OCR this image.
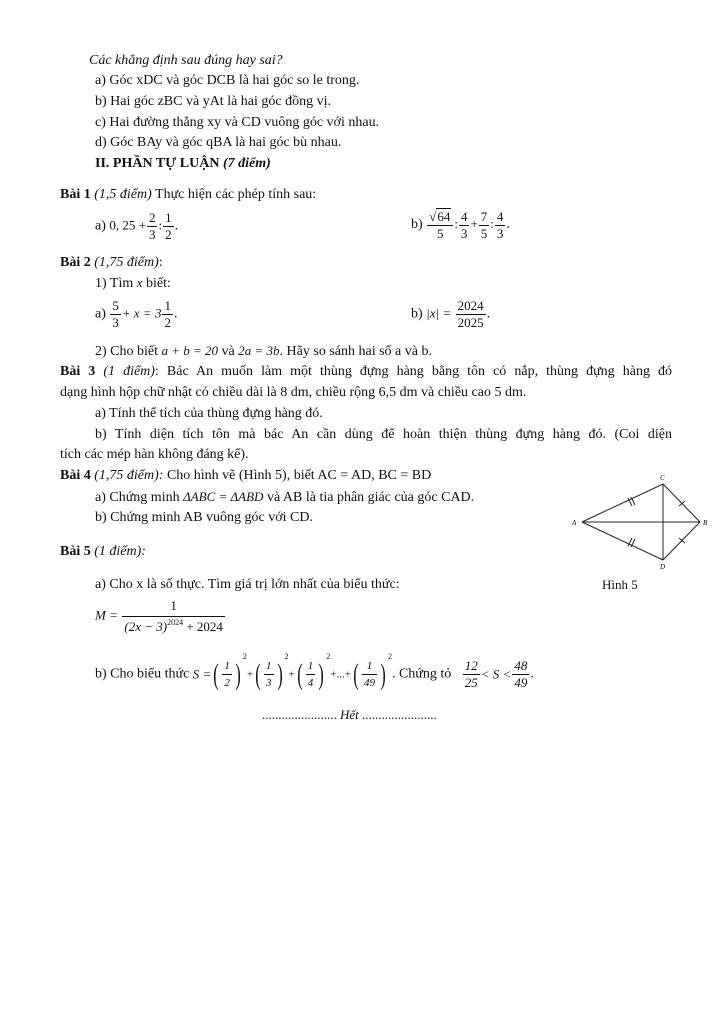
Các khẳng định sau đúng hay sai?
a) Góc xDC và góc DCB là hai góc so le trong.
b) Hai góc zBC và yAt là hai góc đồng vị.
c) Hai đường thẳng xy và CD vuông góc với nhau.
d) Góc BAy và góc qBA là hai góc bù nhau.
II. PHẦN TỰ LUẬN (7 điểm)
Bài 1 (1,5 điểm) Thực hiện các phép tính sau:
a) 0, $25 + \frac{2}{3}$ : $\frac{1}{2}$ .	$b) \frac{√64}{5}$ : $\frac{4}{3} + \frac{7}{5}$ : $\frac{4}{3}$ .
Bài 2 (1,75 điểm):
1) Tìm x biết:
$a) \frac{5}{3} + x = 3 \frac{1}{2}$ .	b) $|x| = \frac{2024}{2025}$ .
2) Cho biết a + b = 20 và 2a = 3b. Hãy so sánh hai số a và b.
Bài 3 (1 điểm): Bác An muốn làm một thùng đựng hàng bằng tôn có nắp, thùng đựng hàng đó
dạng hình hộp chữ nhật có chiều dài là 8 dm, chiều rộng 6,5 dm và chiều cao 5 dm.
a) Tính thể tích của thùng đựng hàng đó.
b) Tính diện tích tôn mà bác An cần dùng để hoàn thiện thùng đựng hàng đó. (Coi diện
tích các mép hàn không đáng kể).
Bài 4 (1,75 điểm): Cho hình vẽ (Hình 5), biết AC = AD, BC = BD
a) Chứng minh ΔABC = ΔABD và AB là tia phân giác của góc CAD.
b) Chứng minh AB vuông góc với CD.
C
A	B
D
Hình 5
Bài 5 (1 điểm):
a) Cho x là số thực. Tìm giá trị lớn nhất của biểu thức:
$M = \frac{1}{(2x - 3)^{2024} + 2024}$
b) Cho biểu thức S =( $\frac{1}{2} )^2+( \frac{1}{3} )^2+( \frac{1}{4} )^2+...+( \frac{1}{49} )^2$. Chứng tỏ $\frac{12}{25} < S < \frac{48}{49}$ .
....................... Hết .......................
